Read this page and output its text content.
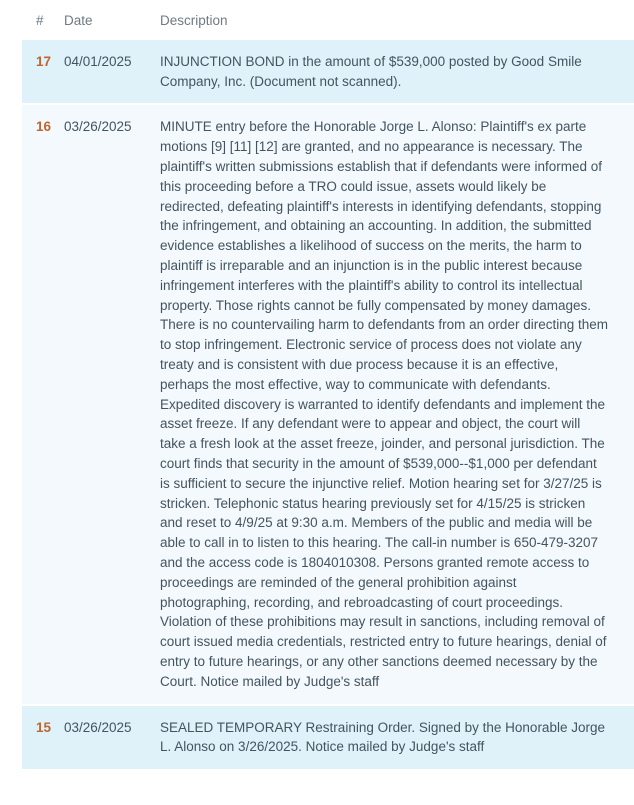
#	Date	Description
17 04/01/2025	INJUNCTION BOND in the amount of $539,000 posted by Good Smile Company, Inc. (Document not scanned).
16 03/26/2025	MINUTE entry before the Honorable Jorge L. Alonso: Plaintiff's ex parte motions [9] [11] [12] are granted, and no appearance is necessary. The plaintiff's written submissions establish that if defendants were informed of this proceeding before a TRO could issue, assets would likely be redirected, defeating plaintiff's interests in identifying defendants, stopping the infringement, and obtaining an accounting. In addition, the submitted evidence establishes a likelihood of success on the merits, the harm to plaintiff is irreparable and an injunction is in the public interest because infringement interferes with the plaintiff's ability to control its intellectual property. Those rights cannot be fully compensated by money damages. There is no countervailing harm to defendants from an order directing them to stop infringement. Electronic service of process does not violate any treaty and is consistent with due process because it is an effective, perhaps the most effective, way to communicate with defendants. Expedited discovery is warranted to identify defendants and implement the asset freeze. If any defendant were to appear and object, the court will take a fresh look at the asset freeze, joinder, and personal jurisdiction. The court finds that security in the amount of $539,000--$1,000 per defendant is sufficient to secure the injunctive relief. Motion hearing set for 3/27/25 is stricken. Telephonic status hearing previously set for 4/15/25 is stricken and reset to 4/9/25 at 9:30 a.m. Members of the public and media will be able to call in to listen to this hearing. The call-in number is 650-479-3207 and the access code is 1804010308. Persons granted remote access to proceedings are reminded of the general prohibition against photographing, recording, and rebroadcasting of court proceedings. Violation of these prohibitions may result in sanctions, including removal of court issued media credentials, restricted entry to future hearings, denial of entry to future hearings, or any other sanctions deemed necessary by the Court. Notice mailed by Judge's staff
15 03/26/2025	SEALED TEMPORARY Restraining Order. Signed by the Honorable Jorge L. Alonso on 3/26/2025. Notice mailed by Judge's staff
